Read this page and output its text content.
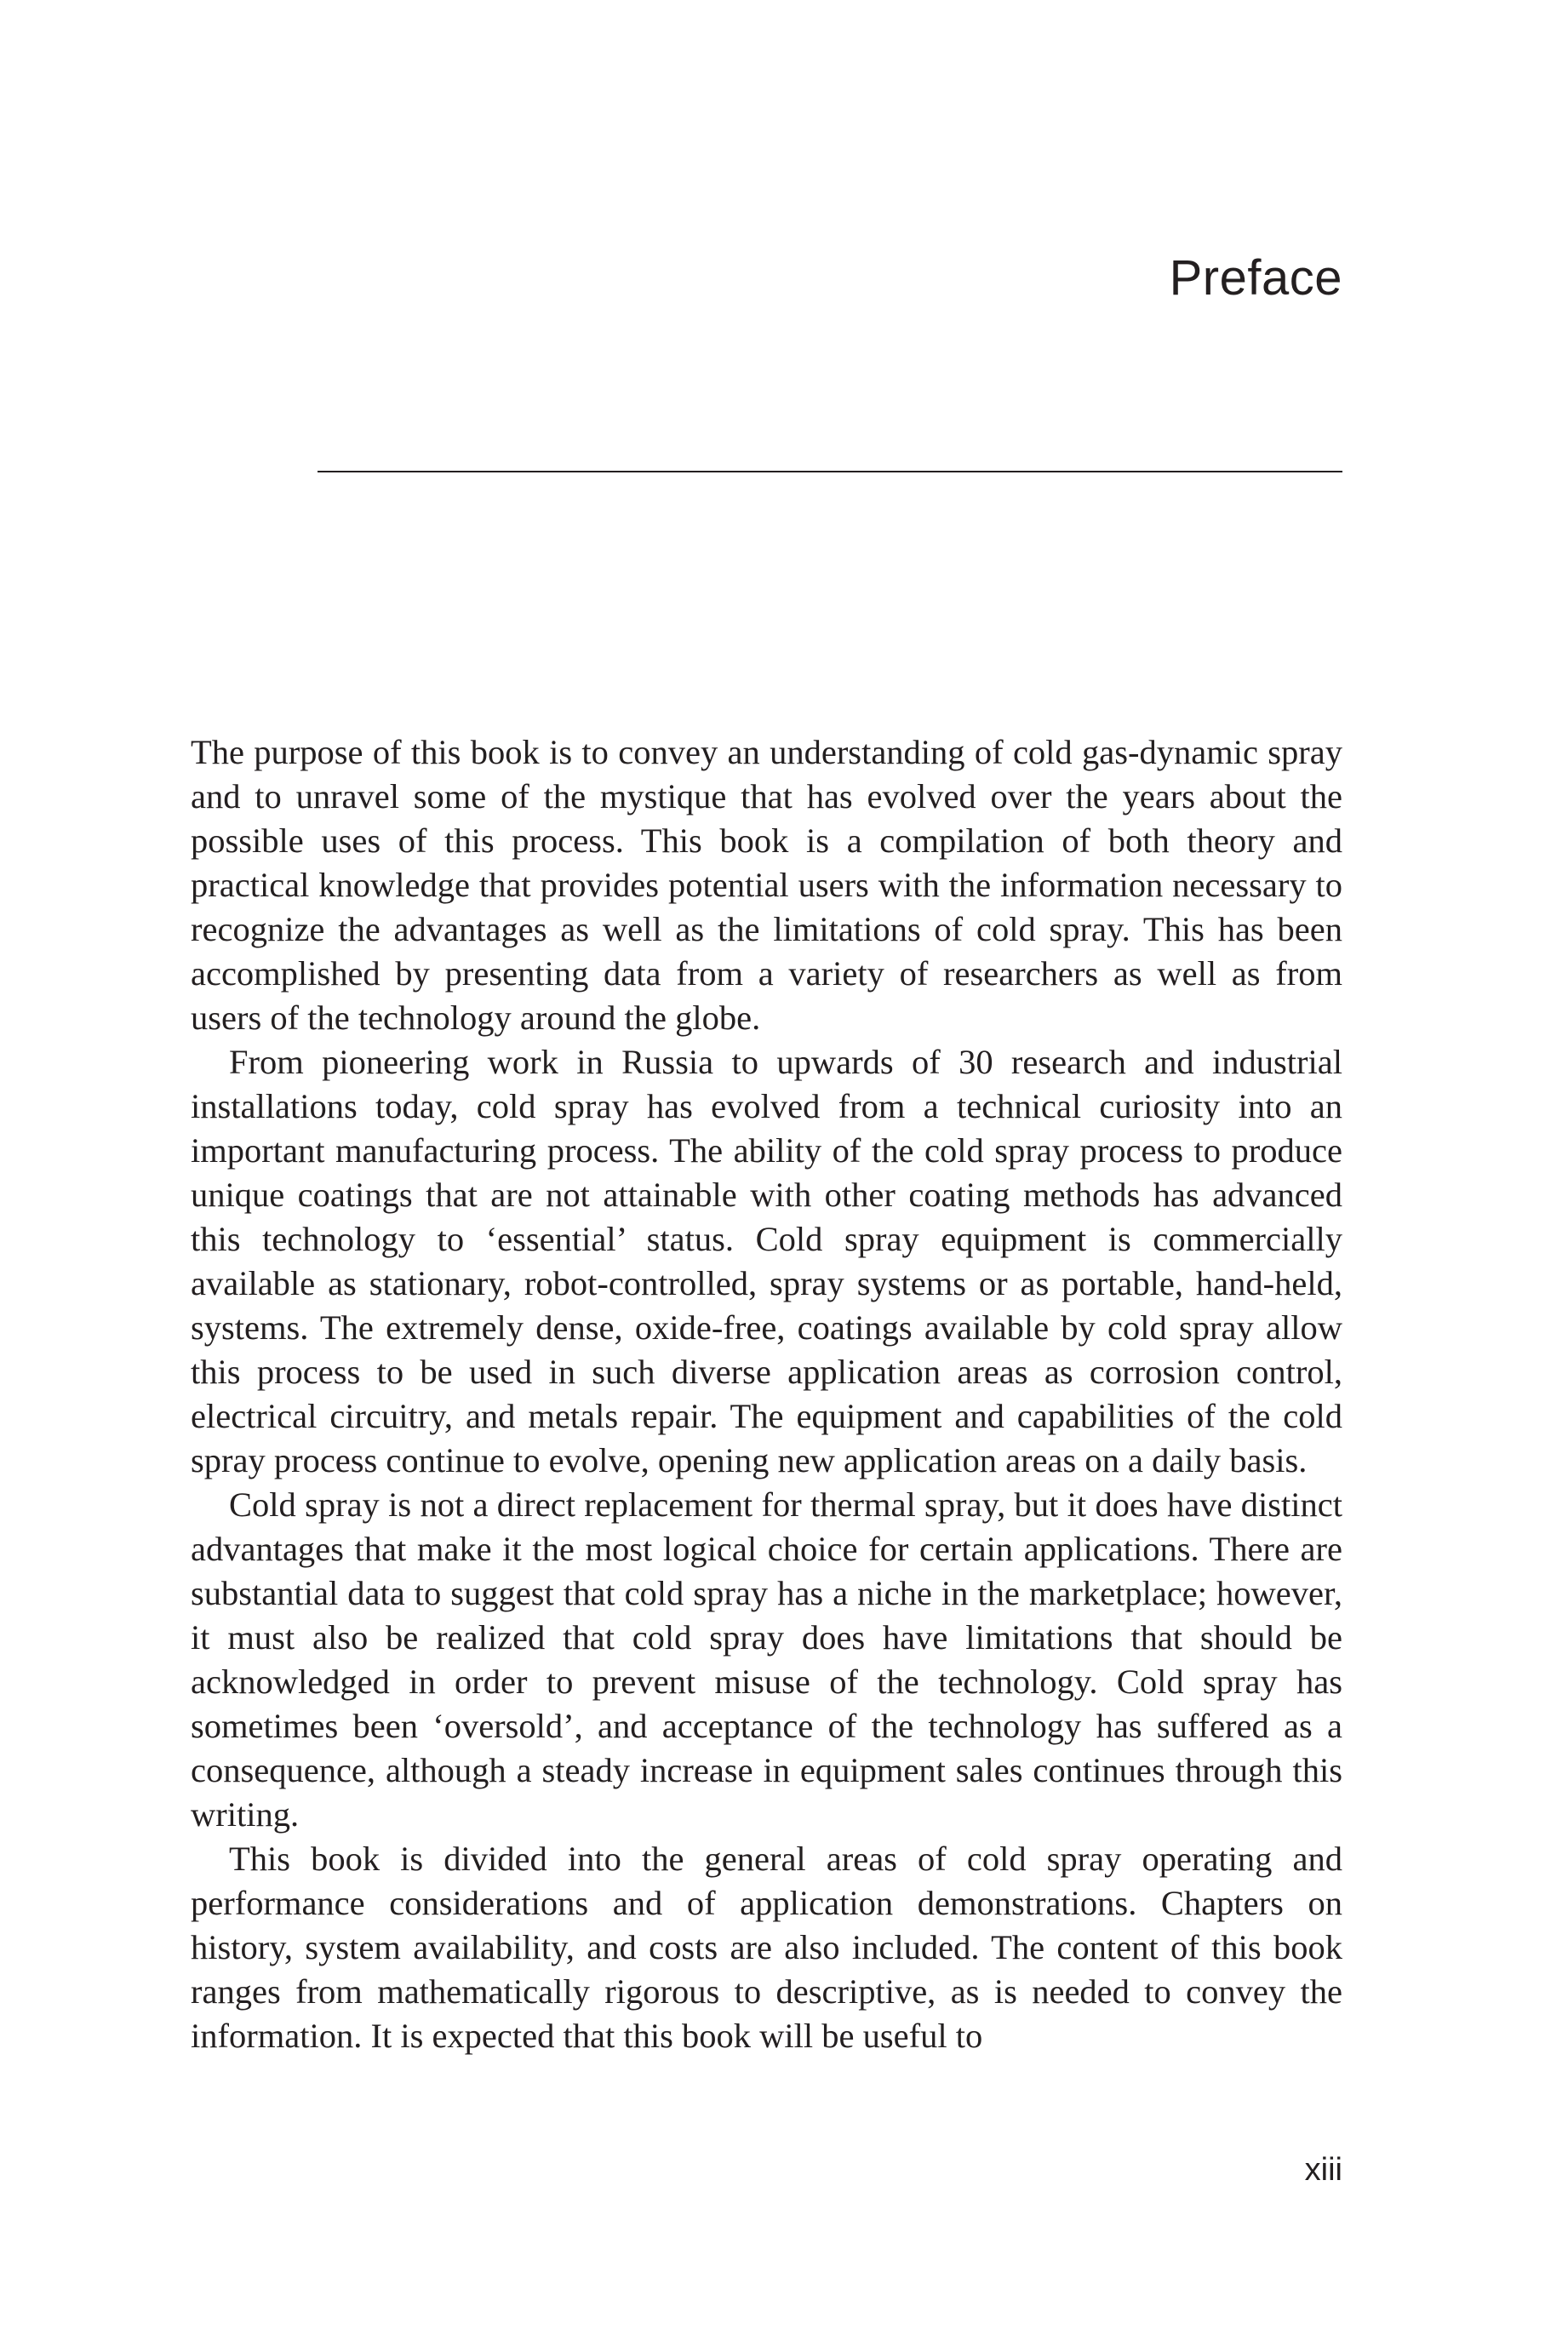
Preface

The purpose of this book is to convey an understanding of cold gas-dynamic spray and to unravel some of the mystique that has evolved over the years about the possible uses of this process. This book is a compilation of both theory and practical knowledge that provides potential users with the information necessary to recognize the advantages as well as the limitations of cold spray. This has been accomplished by presenting data from a variety of researchers as well as from users of the technology around the globe.

From pioneering work in Russia to upwards of 30 research and industrial installations today, cold spray has evolved from a technical curiosity into an important manufacturing process. The ability of the cold spray process to produce unique coatings that are not attainable with other coating methods has advanced this technology to ‘essential’ status. Cold spray equipment is commercially available as stationary, robot-controlled, spray systems or as portable, hand-held, systems. The extremely dense, oxide-free, coatings available by cold spray allow this process to be used in such diverse application areas as corrosion control, electrical circuitry, and metals repair. The equipment and capabilities of the cold spray process continue to evolve, opening new application areas on a daily basis.

Cold spray is not a direct replacement for thermal spray, but it does have distinct advantages that make it the most logical choice for certain applications. There are substantial data to suggest that cold spray has a niche in the marketplace; however, it must also be realized that cold spray does have limitations that should be acknowledged in order to prevent misuse of the technology. Cold spray has sometimes been ‘oversold’, and acceptance of the technology has suffered as a consequence, although a steady increase in equipment sales continues through this writing.

This book is divided into the general areas of cold spray operating and performance considerations and of application demonstrations. Chapters on history, system availability, and costs are also included. The content of this book ranges from mathematically rigorous to descriptive, as is needed to convey the information. It is expected that this book will be useful to

xiii
